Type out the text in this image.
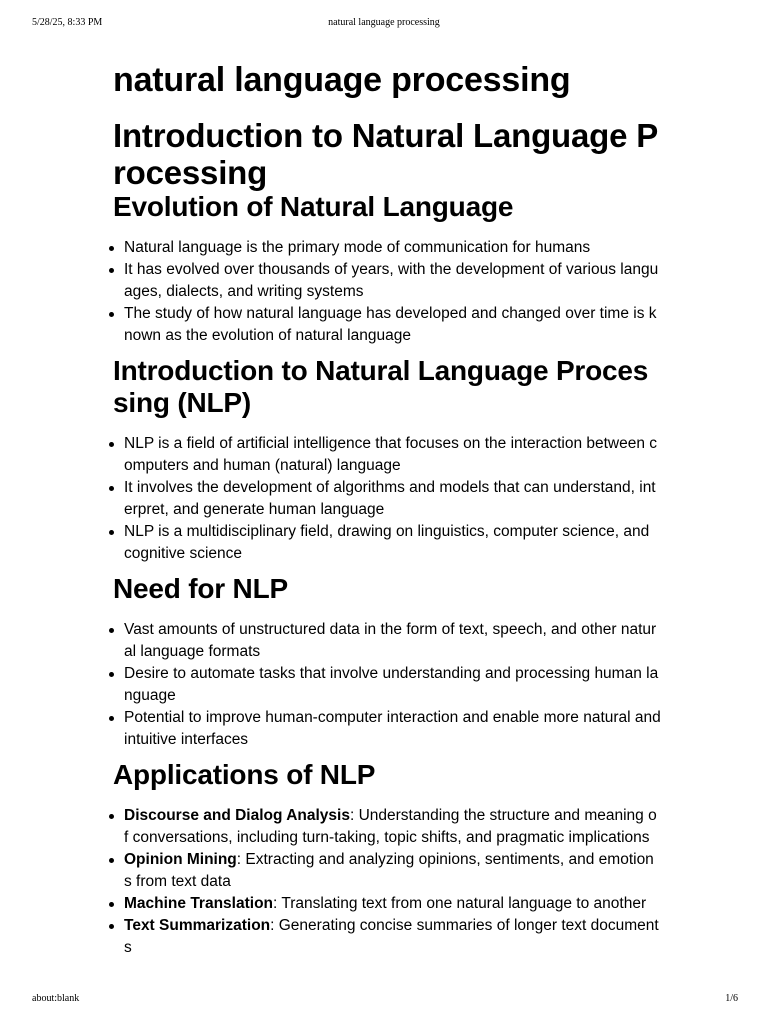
5/28/25, 8:33 PM	natural language processing
natural language processing
Introduction to Natural Language Processing
Evolution of Natural Language
Natural language is the primary mode of communication for humans
It has evolved over thousands of years, with the development of various languages, dialects, and writing systems
The study of how natural language has developed and changed over time is known as the evolution of natural language
Introduction to Natural Language Processing (NLP)
NLP is a field of artificial intelligence that focuses on the interaction between computers and human (natural) language
It involves the development of algorithms and models that can understand, interpret, and generate human language
NLP is a multidisciplinary field, drawing on linguistics, computer science, and cognitive science
Need for NLP
Vast amounts of unstructured data in the form of text, speech, and other natural language formats
Desire to automate tasks that involve understanding and processing human language
Potential to improve human-computer interaction and enable more natural and intuitive interfaces
Applications of NLP
Discourse and Dialog Analysis: Understanding the structure and meaning of conversations, including turn-taking, topic shifts, and pragmatic implications
Opinion Mining: Extracting and analyzing opinions, sentiments, and emotions from text data
Machine Translation: Translating text from one natural language to another
Text Summarization: Generating concise summaries of longer text documents
about:blank	1/6
